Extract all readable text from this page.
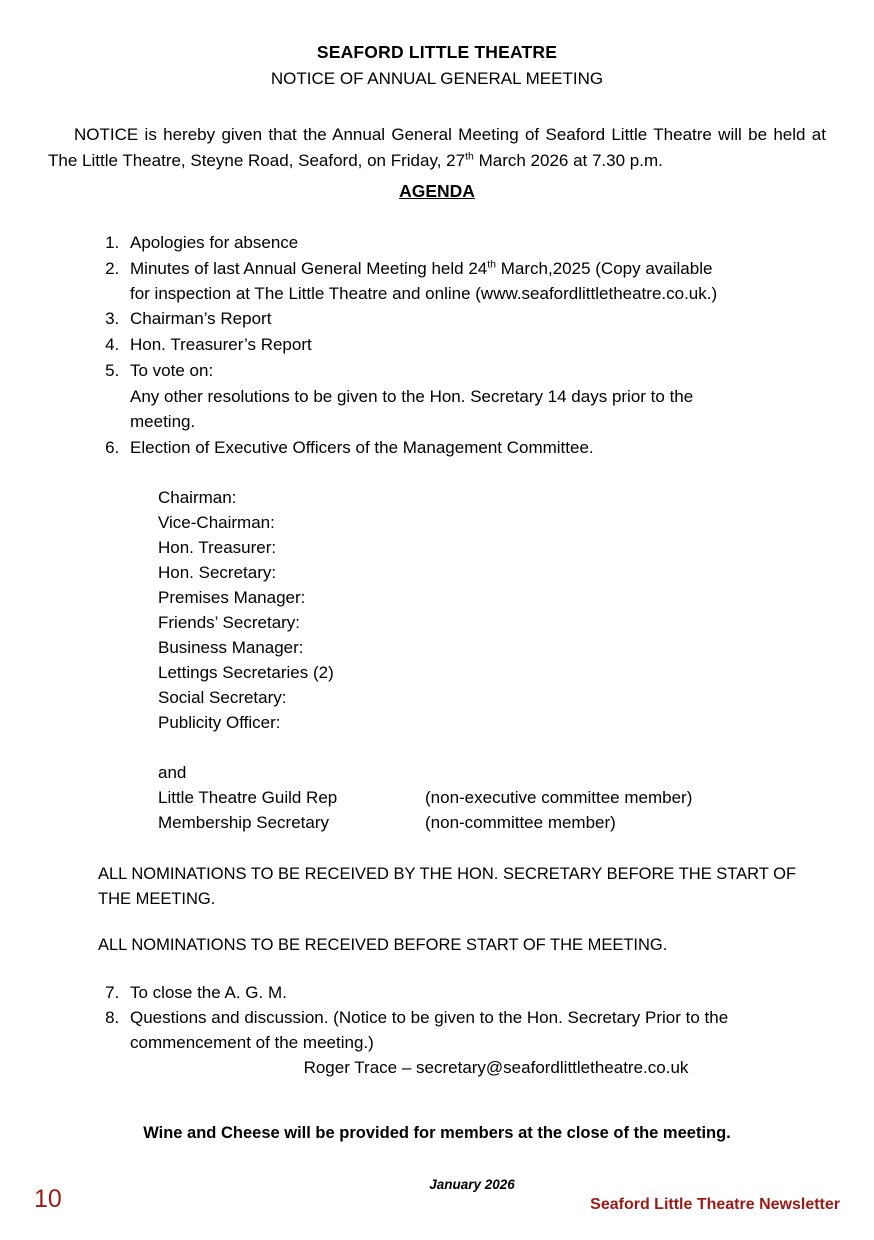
SEAFORD LITTLE THEATRE
NOTICE OF ANNUAL GENERAL MEETING

NOTICE is hereby given that the Annual General Meeting of Seaford Little Theatre will be held at The Little Theatre, Steyne Road, Seaford, on Friday, 27th March 2026 at 7.30 p.m.

AGENDA
1. Apologies for absence
2. Minutes of last Annual General Meeting held 24th March,2025 (Copy available
for inspection at The Little Theatre and online (www.seafordlittletheatre.co.uk.)
3. Chairman’s Report
4. Hon. Treasurer’s Report
5. To vote on:
Any other resolutions to be given to the Hon. Secretary 14 days prior to the
meeting.
6. Election of Executive Officers of the Management Committee.
Chairman:
Vice-Chairman:
Hon. Treasurer:
Hon. Secretary:
Premises Manager:
Friends’ Secretary:
Business Manager:
Lettings Secretaries (2)
Social Secretary:
Publicity Officer:
and
Little Theatre Guild Rep	(non-executive committee member)
Membership Secretary	(non-committee member)
ALL NOMINATIONS TO BE RECEIVED BY THE HON. SECRETARY BEFORE THE START OF
THE MEETING.
ALL NOMINATIONS TO BE RECEIVED BEFORE START OF THE MEETING.
7. To close the A. G. M.
8. Questions and discussion. (Notice to be given to the Hon. Secretary Prior to the
commencement of the meeting.)
Roger Trace – secretary@seafordlittletheatre.co.uk
Wine and Cheese will be provided for members at the close of the meeting.
January 2026
10	Seaford Little Theatre Newsletter
